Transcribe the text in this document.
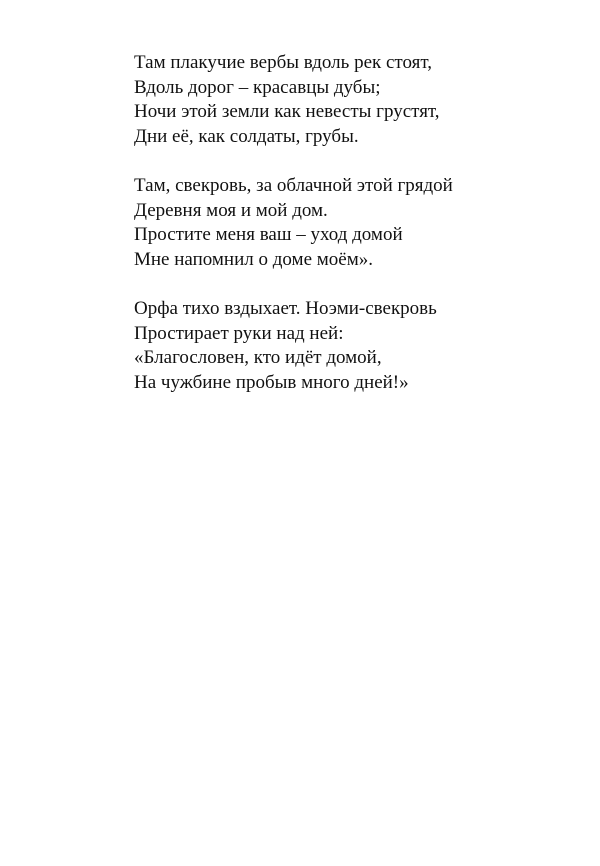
Там плакучие вербы вдоль рек стоят,
Вдоль дорог – красавцы дубы;
Ночи этой земли как невесты грустят,
Дни её, как солдаты, грубы.
Там, свекровь, за облачной этой грядой
Деревня моя и мой дом.
Простите меня ваш – уход домой
Мне напомнил о доме моём».
Орфа тихо вздыхает. Ноэми-свекровь
Простирает руки над ней:
«Благословен, кто идёт домой,
На чужбине пробыв много дней!»
